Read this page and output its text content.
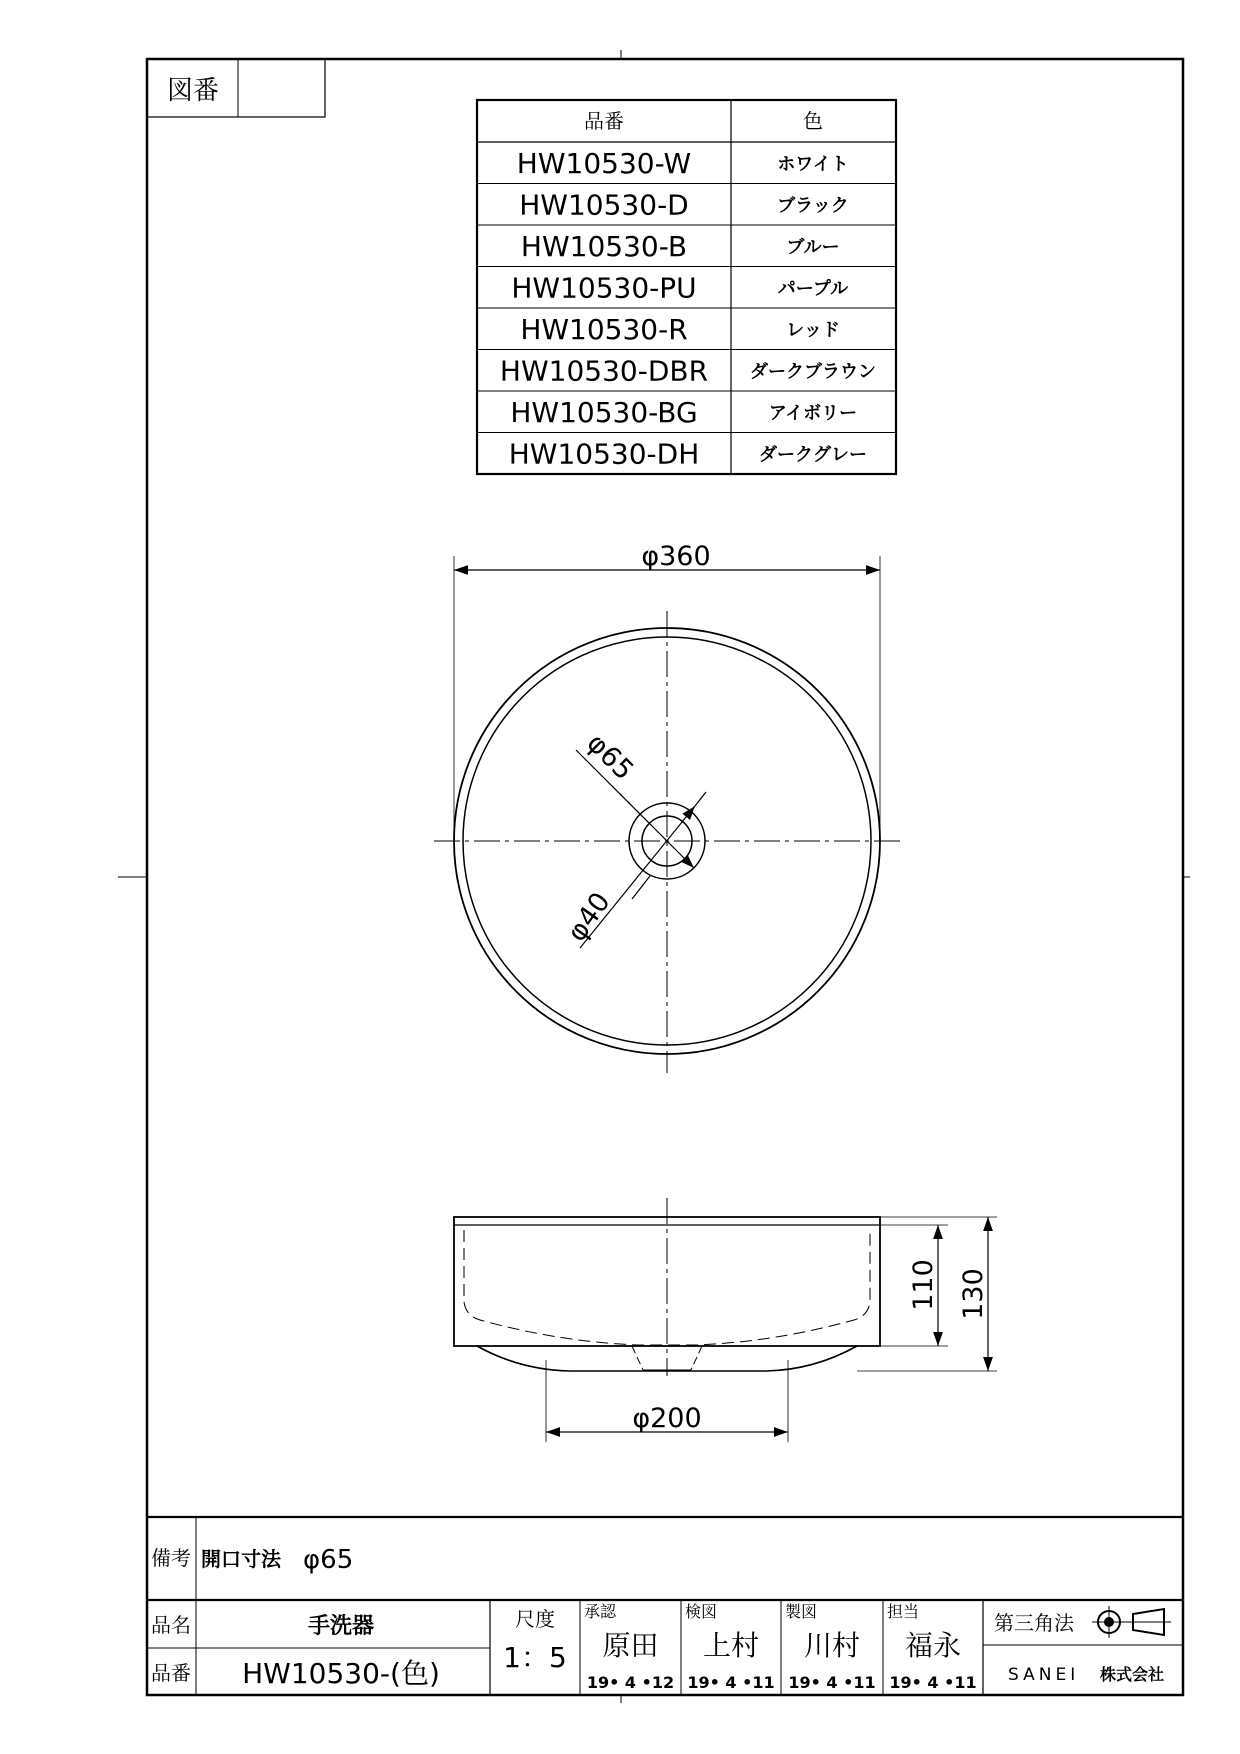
図番
品番	色
HW10530-W	ホワイト
HW10530-D	ブラック
HW10530-B	ブルー
HW10530-PU	パープル
HW10530-R	レッド
HW10530-DBR ダークブラウン
HW10530-BG	アイボリー
HW10530-DH	ダークグレー
φ360
φ65
φ40
110 130
φ200
備考 開口寸法 φ65
品名	手洗器
品番 HW10530-(色)
尺度
1：5
承認
原田
19• 4 •12
検図
上村
19• 4 •11
製図
川村
19• 4 •11
担当
福永
19• 4 •11
第三角法
SANEI 株式会社
